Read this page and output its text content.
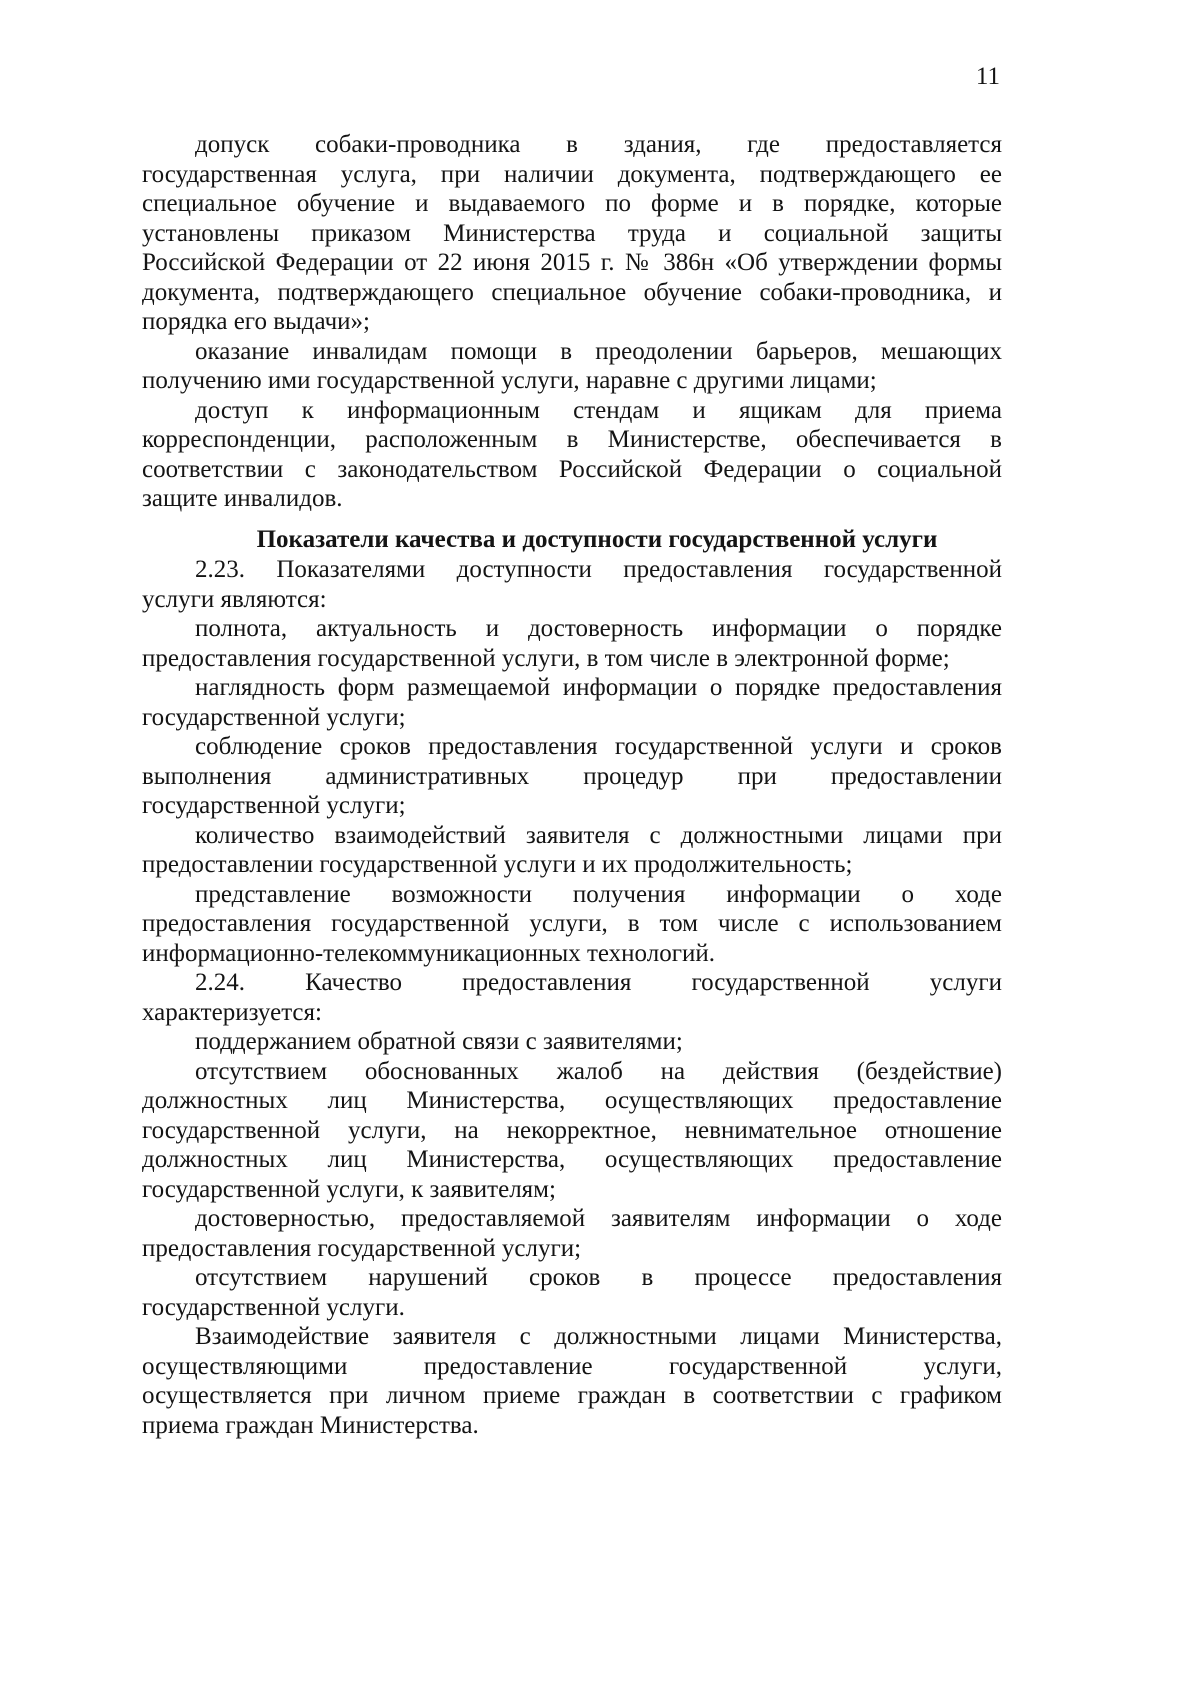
11
допуск собаки-проводника в здания, где предоставляется
государственная услуга, при наличии документа, подтверждающего ее
специальное обучение и выдаваемого по форме и в порядке, которые
установлены приказом Министерства труда и социальной защиты
Российской Федерации от 22 июня 2015 г. № 386н «Об утверждении формы
документа, подтверждающего специальное обучение собаки-проводника, и
порядка его выдачи»;
оказание инвалидам помощи в преодолении барьеров, мешающих
получению ими государственной услуги, наравне с другими лицами;
доступ к информационным стендам и ящикам для приема
корреспонденции, расположенным в Министерстве, обеспечивается в
соответствии с законодательством Российской Федерации о социальной
защите инвалидов.
Показатели качества и доступности государственной услуги
2.23. Показателями доступности предоставления государственной
услуги являются:
полнота, актуальность и достоверность информации о порядке
предоставления государственной услуги, в том числе в электронной форме;
наглядность форм размещаемой информации о порядке предоставления
государственной услуги;
соблюдение сроков предоставления государственной услуги и сроков
выполнения административных процедур при предоставлении
государственной услуги;
количество взаимодействий заявителя с должностными лицами при
предоставлении государственной услуги и их продолжительность;
представление возможности получения информации о ходе
предоставления государственной услуги, в том числе с использованием
информационно-телекоммуникационных технологий.
2.24. Качество предоставления государственной услуги
характеризуется:
поддержанием обратной связи с заявителями;
отсутствием обоснованных жалоб на действия (бездействие)
должностных лиц Министерства, осуществляющих предоставление
государственной услуги, на некорректное, невнимательное отношение
должностных лиц Министерства, осуществляющих предоставление
государственной услуги, к заявителям;
достоверностью, предоставляемой заявителям информации о ходе
предоставления государственной услуги;
отсутствием нарушений сроков в процессе предоставления
государственной услуги.
Взаимодействие заявителя с должностными лицами Министерства,
осуществляющими предоставление государственной услуги,
осуществляется при личном приеме граждан в соответствии с графиком
приема граждан Министерства.
